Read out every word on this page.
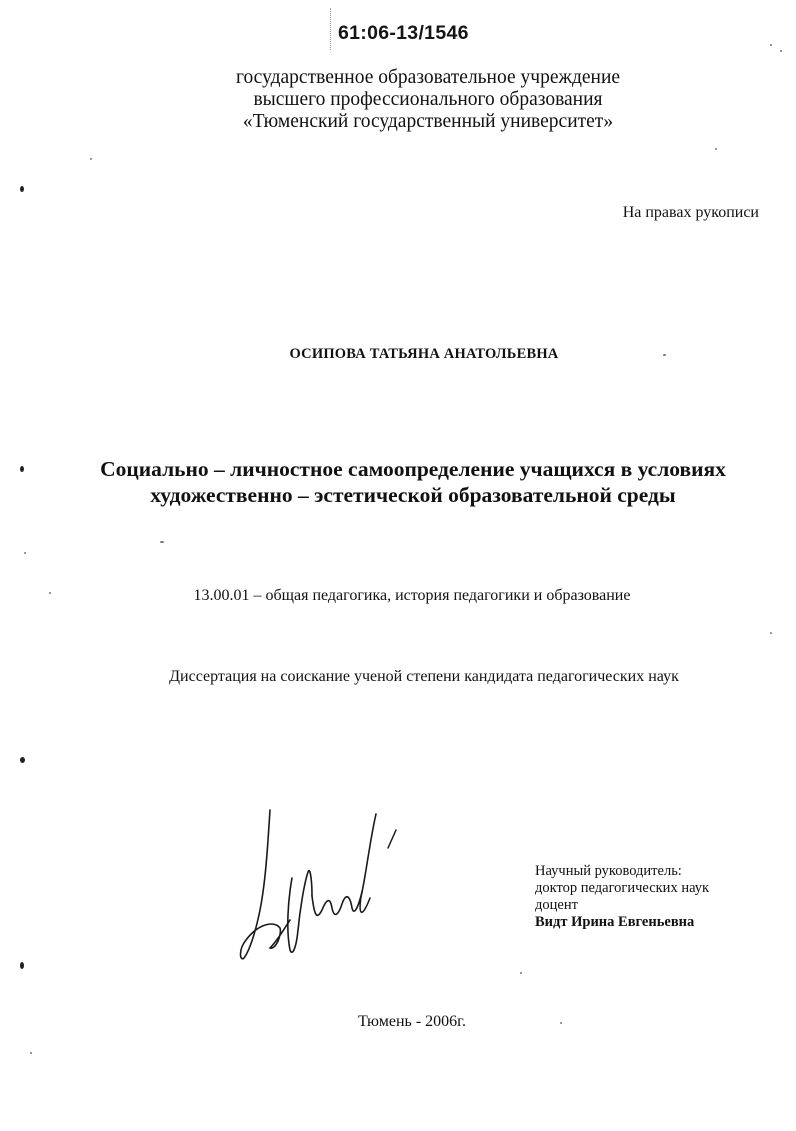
61:06-13/1546
государственное образовательное учреждение
высшего профессионального образования
«Тюменский государственный университет»
На правах рукописи
ОСИПОВА ТАТЬЯНА АНАТОЛЬЕВНА
Социально – личностное самоопределение учащихся в условиях
художественно – эстетической образовательной среды
13.00.01 – общая педагогика, история педагогики и образование
Диссертация на соискание ученой степени кандидата педагогических наук
Научный руководитель:
доктор педагогических наук
доцент
Видт Ирина Евгеньевна
Тюмень - 2006г.
